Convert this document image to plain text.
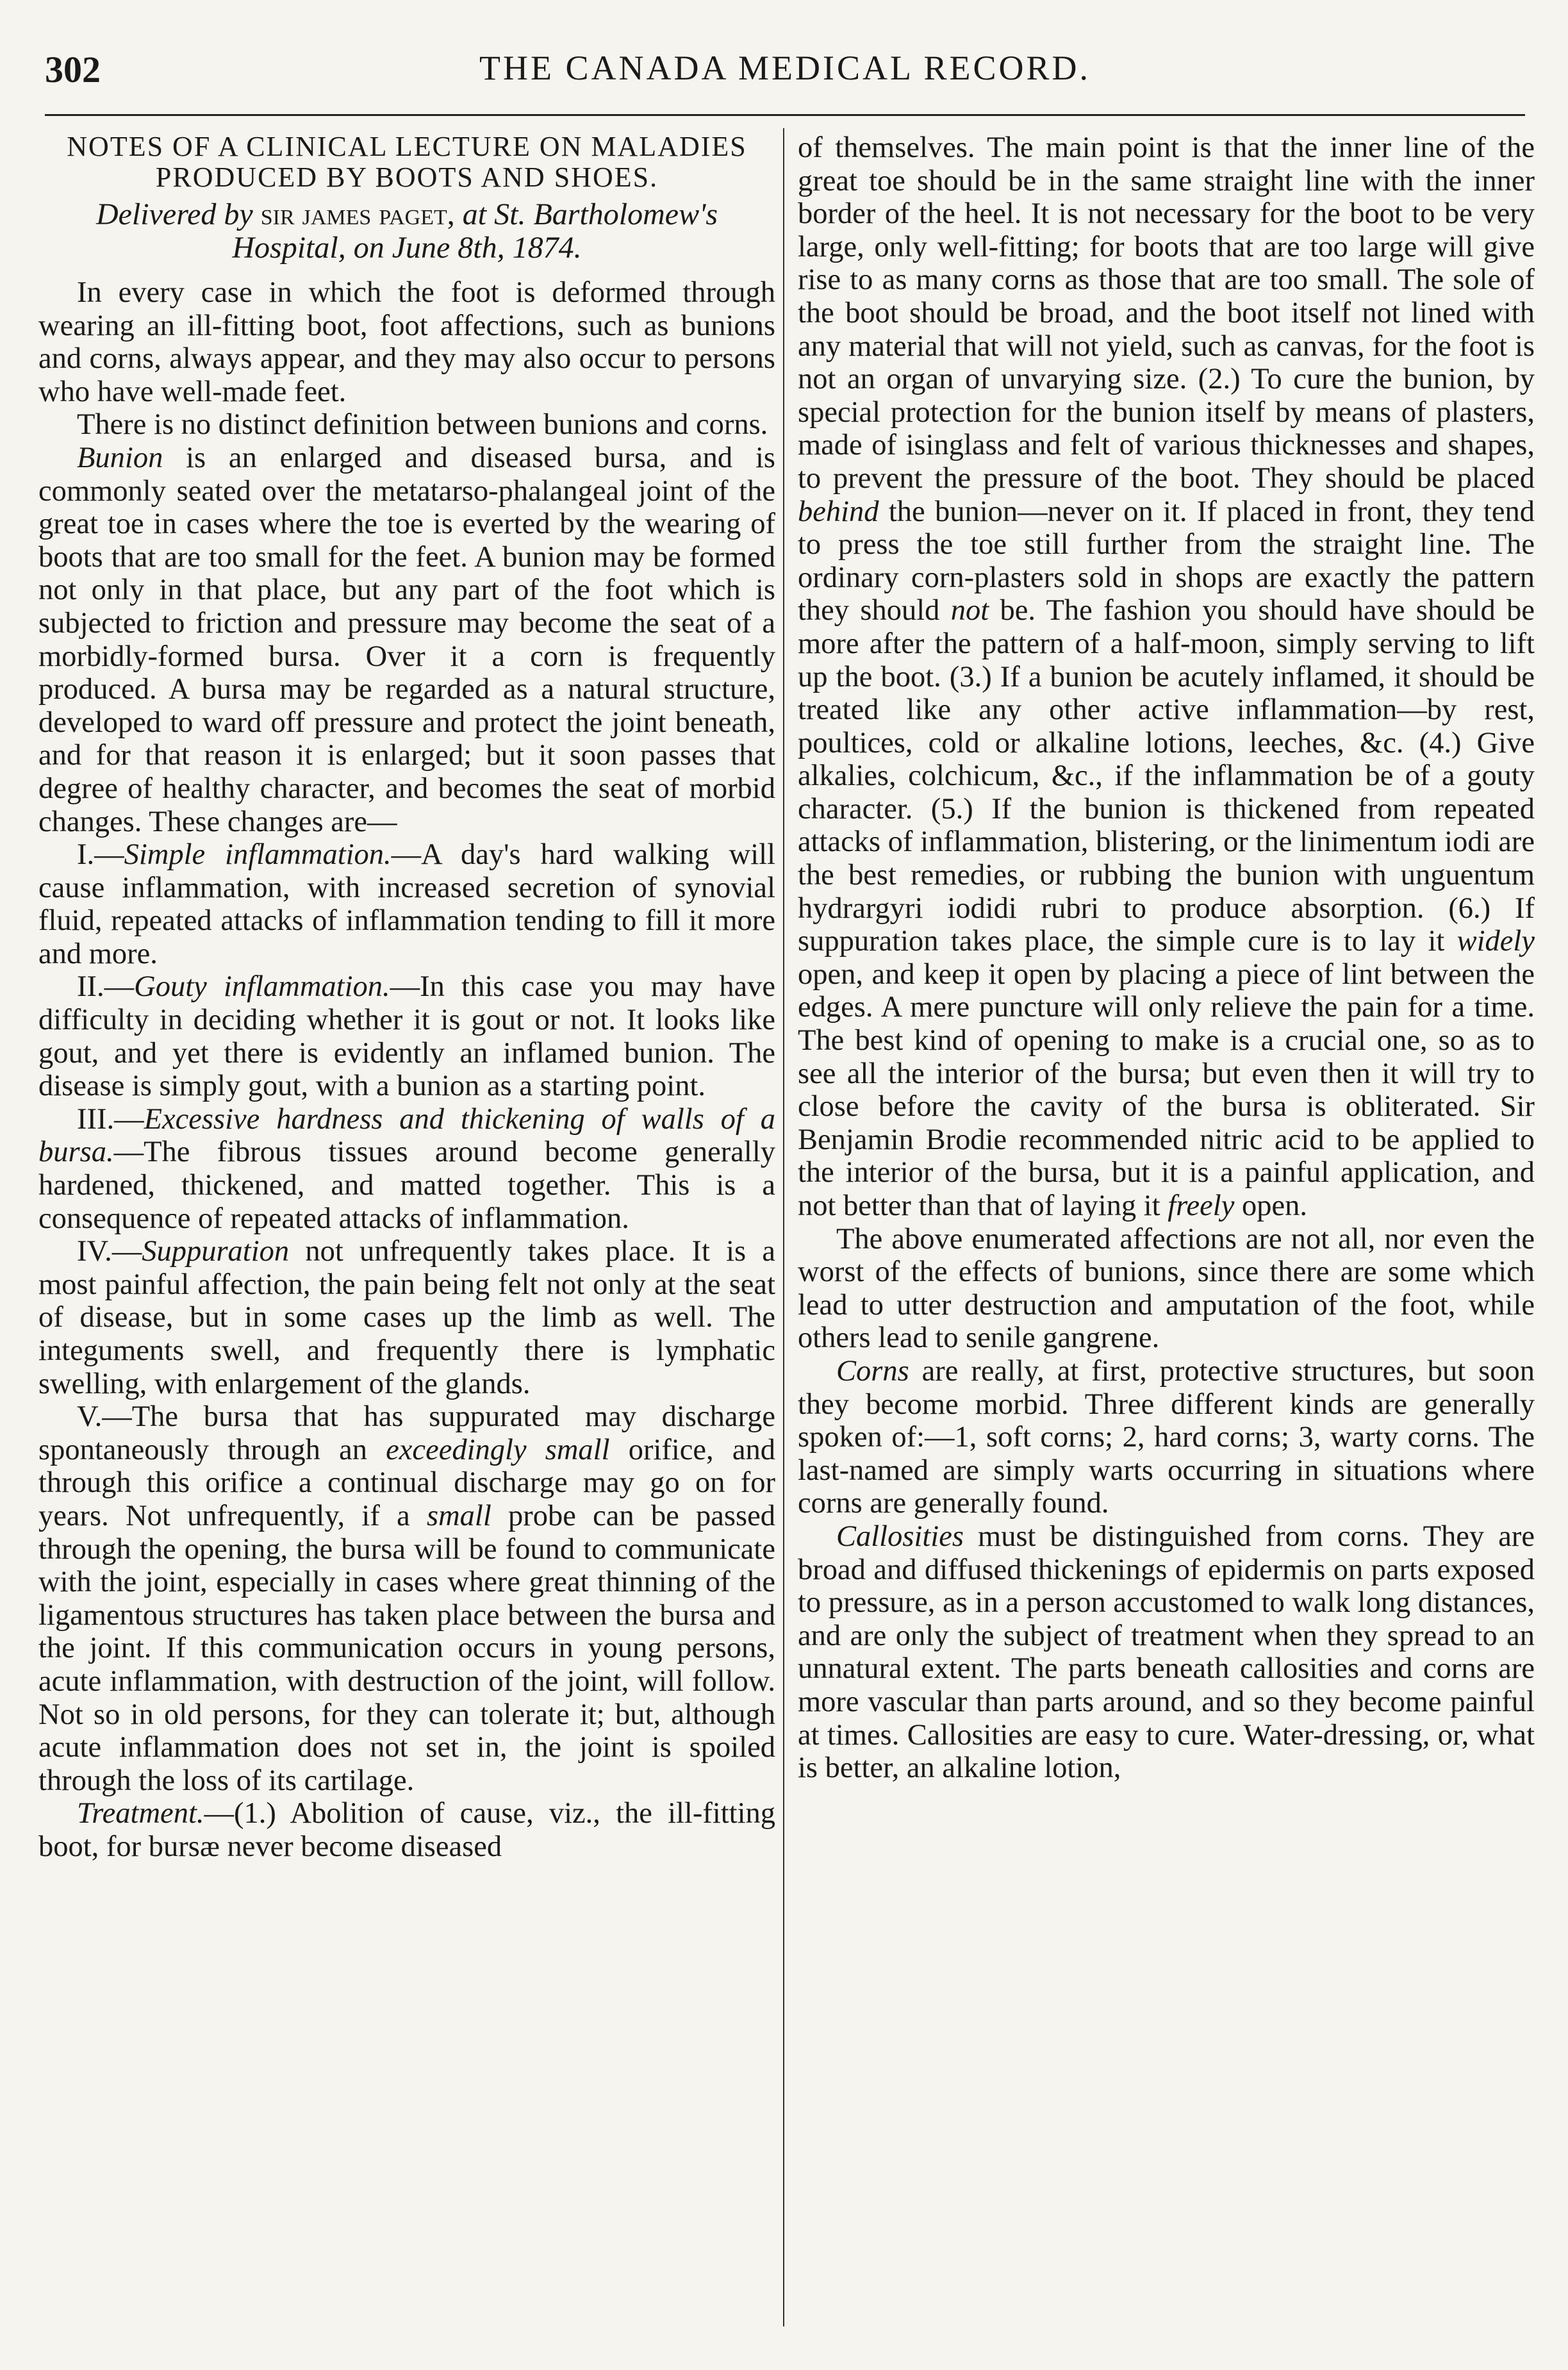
302	THE CANADA MEDICAL RECORD.
NOTES OF A CLINICAL LECTURE ON MALADIES PRODUCED BY BOOTS AND SHOES.
Delivered by sir james paget, at St. Bartholomew's Hospital, on June 8th, 1874.

In every case in which the foot is deformed through wearing an ill-fitting boot, foot affections, such as bunions and corns, always appear, and they may also occur to persons who have well-made feet.

There is no distinct definition between bunions and corns.

Bunion is an enlarged and diseased bursa, and is commonly seated over the metatarso-phalangeal joint of the great toe in cases where the toe is everted by the wearing of boots that are too small for the feet. A bunion may be formed not only in that place, but any part of the foot which is subjected to friction and pressure may become the seat of a morbidly-formed bursa. Over it a corn is frequently produced. A bursa may be regarded as a natural structure, developed to ward off pressure and protect the joint beneath, and for that reason it is enlarged; but it soon passes that degree of healthy character, and becomes the seat of morbid changes. These changes are—

I.—Simple inflammation.—A day's hard walking will cause inflammation, with increased secretion of synovial fluid, repeated attacks of inflammation tending to fill it more and more.

II.—Gouty inflammation.—In this case you may have difficulty in deciding whether it is gout or not. It looks like gout, and yet there is evidently an inflamed bunion. The disease is simply gout, with a bunion as a starting point.

III.—Excessive hardness and thickening of walls of a bursa.—The fibrous tissues around become generally hardened, thickened, and matted together. This is a consequence of repeated attacks of inflammation.

IV.—Suppuration not unfrequently takes place. It is a most painful affection, the pain being felt not only at the seat of disease, but in some cases up the limb as well. The integuments swell, and frequently there is lymphatic swelling, with enlargement of the glands.

V.—The bursa that has suppurated may discharge spontaneously through an exceedingly small orifice, and through this orifice a continual discharge may go on for years. Not unfrequently, if a small probe can be passed through the opening, the bursa will be found to communicate with the joint, especially in cases where great thinning of the ligamentous structures has taken place between the bursa and the joint. If this communication occurs in young persons, acute inflammation, with destruction of the joint, will follow. Not so in old persons, for they can tolerate it; but, although acute inflammation does not set in, the joint is spoiled through the loss of its cartilage.

Treatment.—(1.) Abolition of cause, viz., the ill-fitting boot, for bursæ never become diseased

of themselves. The main point is that the inner line of the great toe should be in the same straight line with the inner border of the heel. It is not necessary for the boot to be very large, only well-fitting; for boots that are too large will give rise to as many corns as those that are too small. The sole of the boot should be broad, and the boot itself not lined with any material that will not yield, such as canvas, for the foot is not an organ of unvarying size. (2.) To cure the bunion, by special protection for the bunion itself by means of plasters, made of isinglass and felt of various thicknesses and shapes, to prevent the pressure of the boot. They should be placed behind the bunion—never on it. If placed in front, they tend to press the toe still further from the straight line. The ordinary corn-plasters sold in shops are exactly the pattern they should not be. The fashion you should have should be more after the pattern of a half-moon, simply serving to lift up the boot. (3.) If a bunion be acutely inflamed, it should be treated like any other active inflammation—by rest, poultices, cold or alkaline lotions, leeches, &c. (4.) Give alkalies, colchicum, &c., if the inflammation be of a gouty character. (5.) If the bunion is thickened from repeated attacks of inflammation, blistering, or the linimentum iodi are the best remedies, or rubbing the bunion with unguentum hydrargyri iodidi rubri to produce absorption. (6.) If suppuration takes place, the simple cure is to lay it widely open, and keep it open by placing a piece of lint between the edges. A mere puncture will only relieve the pain for a time. The best kind of opening to make is a crucial one, so as to see all the interior of the bursa; but even then it will try to close before the cavity of the bursa is obliterated. Sir Benjamin Brodie recommended nitric acid to be applied to the interior of the bursa, but it is a painful application, and not better than that of laying it freely open.

The above enumerated affections are not all, nor even the worst of the effects of bunions, since there are some which lead to utter destruction and amputation of the foot, while others lead to senile gangrene.

Corns are really, at first, protective structures, but soon they become morbid. Three different kinds are generally spoken of:—1, soft corns; 2, hard corns; 3, warty corns. The last-named are simply warts occurring in situations where corns are generally found.

Callosities must be distinguished from corns. They are broad and diffused thickenings of epidermis on parts exposed to pressure, as in a person accustomed to walk long distances, and are only the subject of treatment when they spread to an unnatural extent. The parts beneath callosities and corns are more vascular than parts around, and so they become painful at times. Callosities are easy to cure. Water-dressing, or, what is better, an alkaline lotion,
